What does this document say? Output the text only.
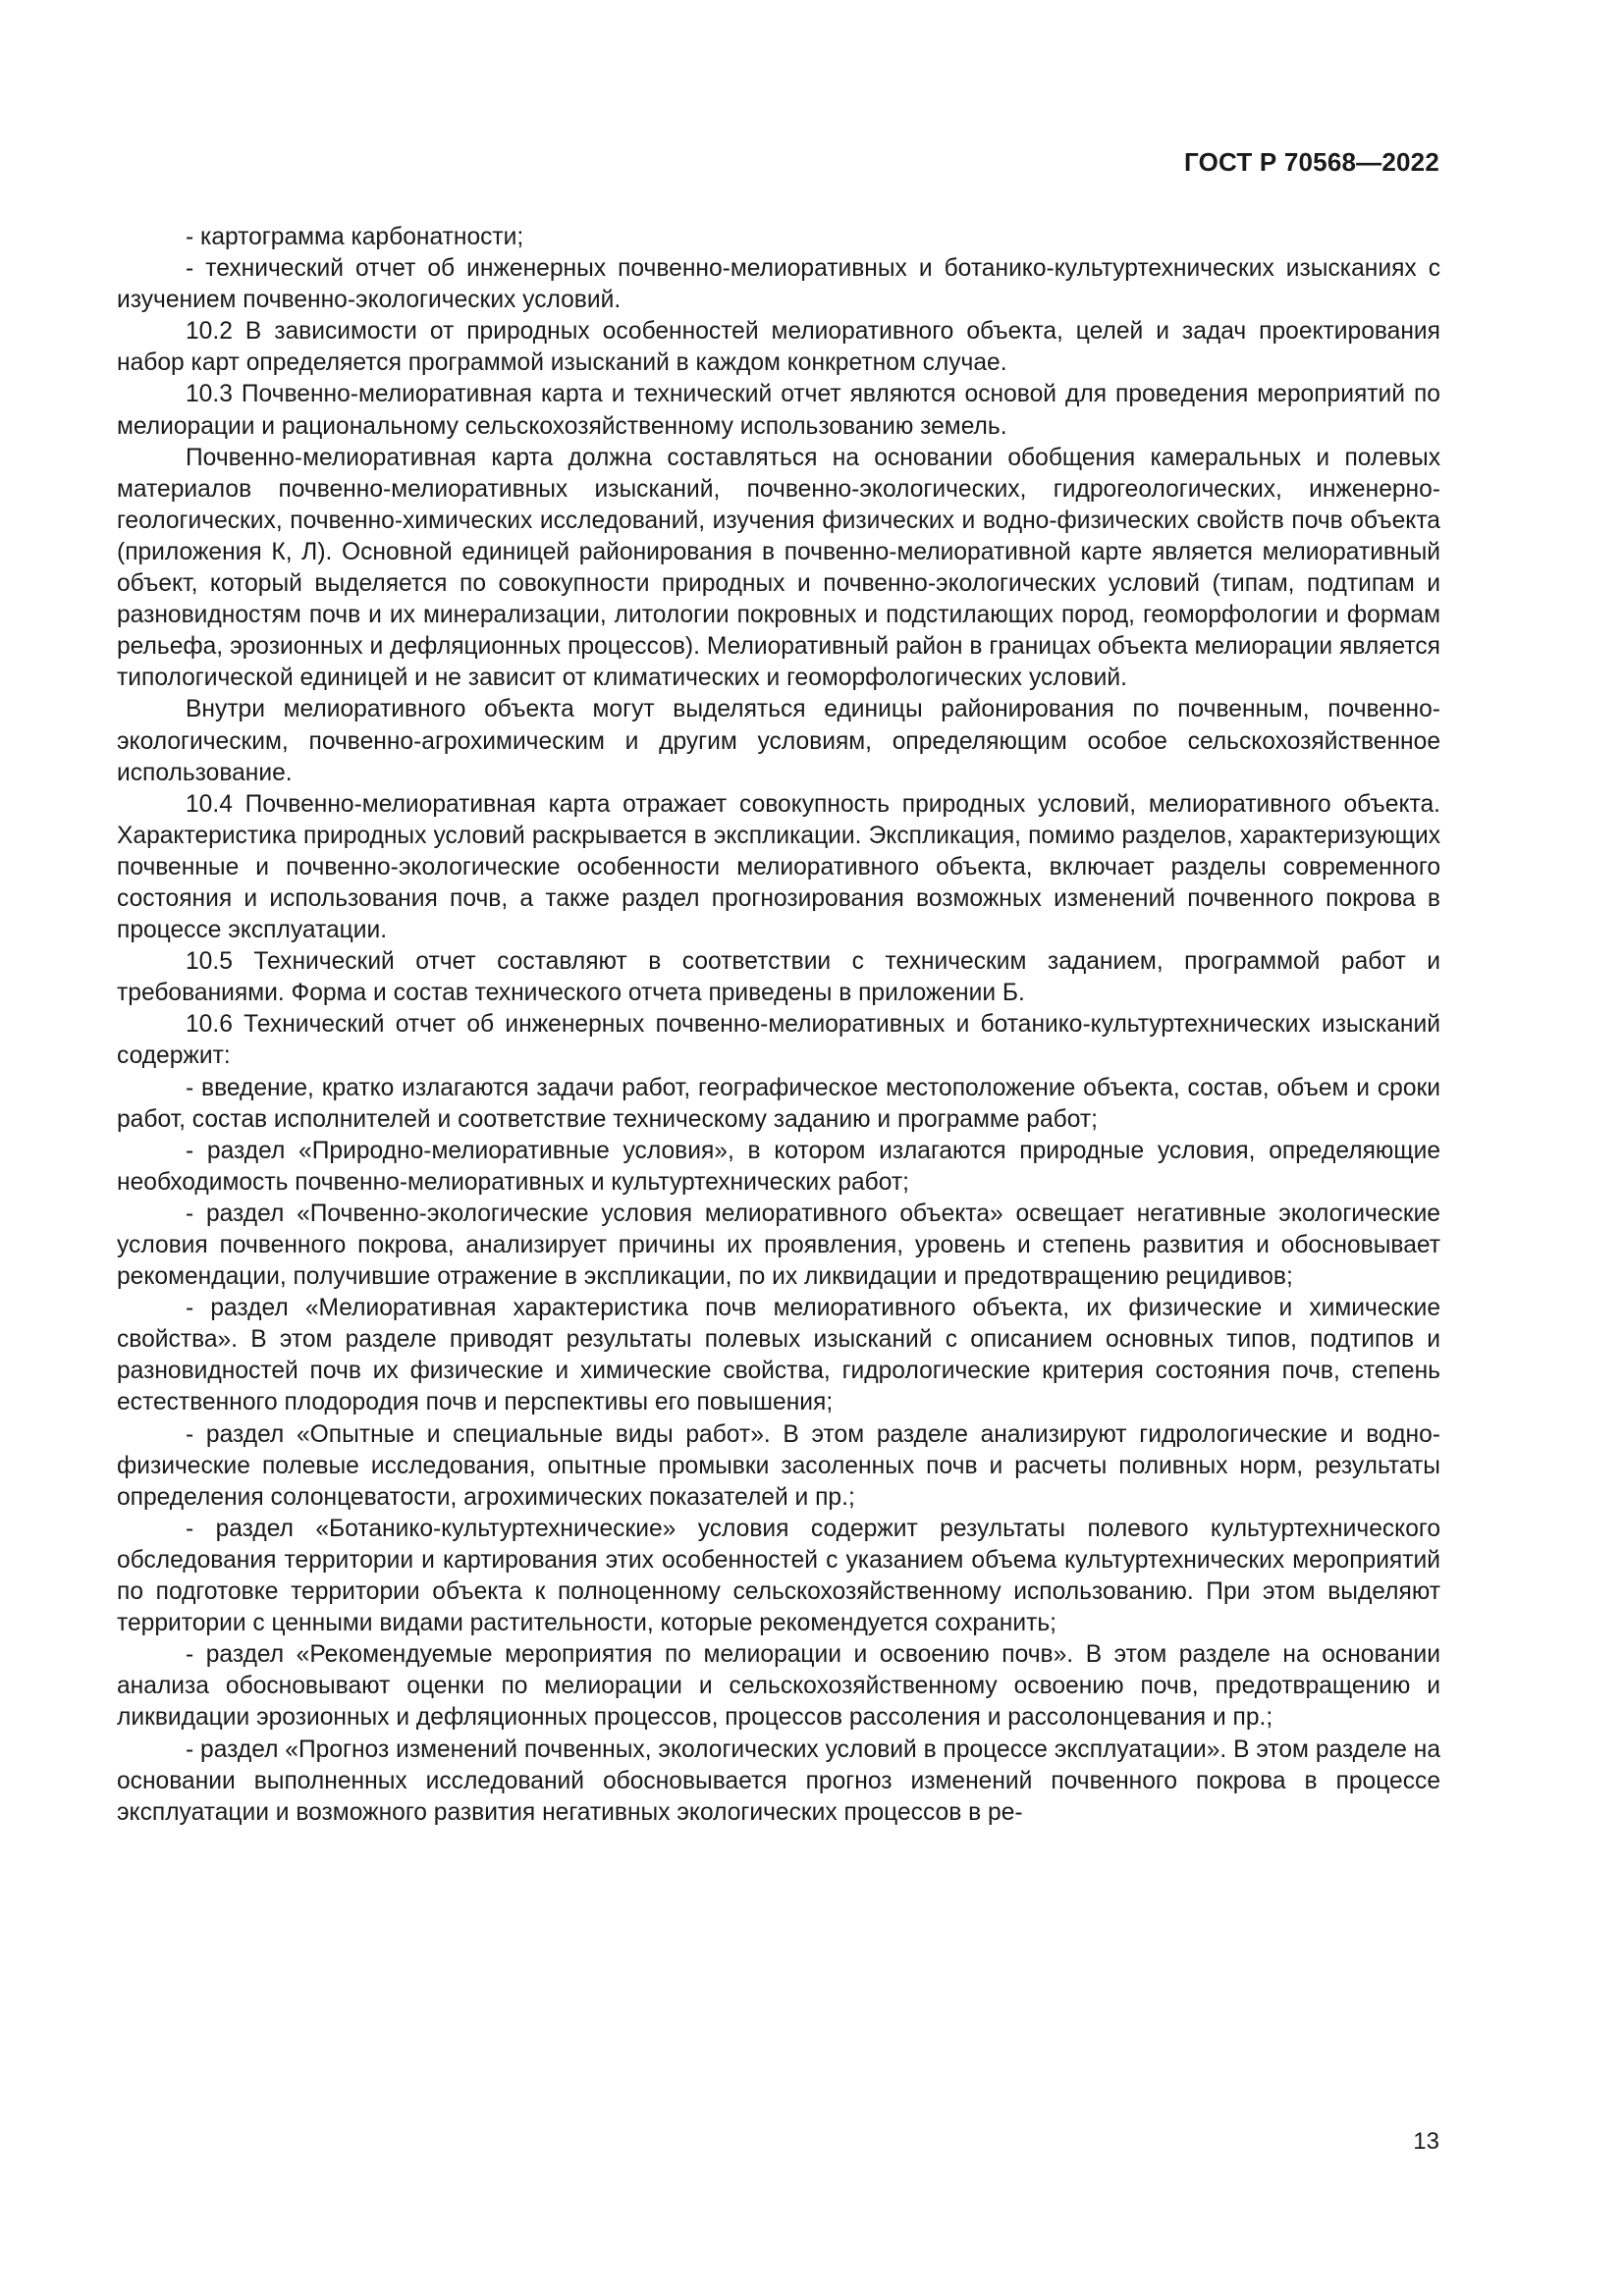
ГОСТ Р 70568—2022

- картограмма карбонатности;

- технический отчет об инженерных почвенно-мелиоративных и ботанико-культуртехнических изысканиях с изучением почвенно-экологических условий.

10.2 В зависимости от природных особенностей мелиоративного объекта, целей и задач проектирования набор карт определяется программой изысканий в каждом конкретном случае.

10.3 Почвенно-мелиоративная карта и технический отчет являются основой для проведения мероприятий по мелиорации и рациональному сельскохозяйственному использованию земель.

Почвенно-мелиоративная карта должна составляться на основании обобщения камеральных и полевых материалов почвенно-мелиоративных изысканий, почвенно-экологических, гидрогеологических, инженерно-геологических, почвенно-химических исследований, изучения физических и водно-физических свойств почв объекта (приложения К, Л). Основной единицей районирования в почвенно-мелиоративной карте является мелиоративный объект, который выделяется по совокупности природных и почвенно-экологических условий (типам, подтипам и разновидностям почв и их минерализации, литологии покровных и подстилающих пород, геоморфологии и формам рельефа, эрозионных и дефляционных процессов). Мелиоративный район в границах объекта мелиорации является типологической единицей и не зависит от климатических и геоморфологических условий.

Внутри мелиоративного объекта могут выделяться единицы районирования по почвенным, почвенно-экологическим, почвенно-агрохимическим и другим условиям, определяющим особое сельскохозяйственное использование.

10.4 Почвенно-мелиоративная карта отражает совокупность природных условий, мелиоративного объекта. Характеристика природных условий раскрывается в экспликации. Экспликация, помимо разделов, характеризующих почвенные и почвенно-экологические особенности мелиоративного объекта, включает разделы современного состояния и использования почв, а также раздел прогнозирования возможных изменений почвенного покрова в процессе эксплуатации.

10.5 Технический отчет составляют в соответствии с техническим заданием, программой работ и требованиями. Форма и состав технического отчета приведены в приложении Б.

10.6 Технический отчет об инженерных почвенно-мелиоративных и ботанико-культуртехнических изысканий содержит:

- введение, кратко излагаются задачи работ, географическое местоположение объекта, состав, объем и сроки работ, состав исполнителей и соответствие техническому заданию и программе работ;

- раздел «Природно-мелиоративные условия», в котором излагаются природные условия, определяющие необходимость почвенно-мелиоративных и культуртехнических работ;

- раздел «Почвенно-экологические условия мелиоративного объекта» освещает негативные экологические условия почвенного покрова, анализирует причины их проявления, уровень и степень развития и обосновывает рекомендации, получившие отражение в экспликации, по их ликвидации и предотвращению рецидивов;

- раздел «Мелиоративная характеристика почв мелиоративного объекта, их физические и химические свойства». В этом разделе приводят результаты полевых изысканий с описанием основных типов, подтипов и разновидностей почв их физические и химические свойства, гидрологические критерия состояния почв, степень естественного плодородия почв и перспективы его повышения;

- раздел «Опытные и специальные виды работ». В этом разделе анализируют гидрологические и водно-физические полевые исследования, опытные промывки засоленных почв и расчеты поливных норм, результаты определения солонцеватости, агрохимических показателей и пр.;

- раздел «Ботанико-культуртехнические» условия содержит результаты полевого культуртехнического обследования территории и картирования этих особенностей с указанием объема культуртехнических мероприятий по подготовке территории объекта к полноценному сельскохозяйственному использованию. При этом выделяют территории с ценными видами растительности, которые рекомендуется сохранить;

- раздел «Рекомендуемые мероприятия по мелиорации и освоению почв». В этом разделе на основании анализа обосновывают оценки по мелиорации и сельскохозяйственному освоению почв, предотвращению и ликвидации эрозионных и дефляционных процессов, процессов рассоления и рассолонцевания и пр.;

- раздел «Прогноз изменений почвенных, экологических условий в процессе эксплуатации». В этом разделе на основании выполненных исследований обосновывается прогноз изменений почвенного покрова в процессе эксплуатации и возможного развития негативных экологических процессов в ре-

13
